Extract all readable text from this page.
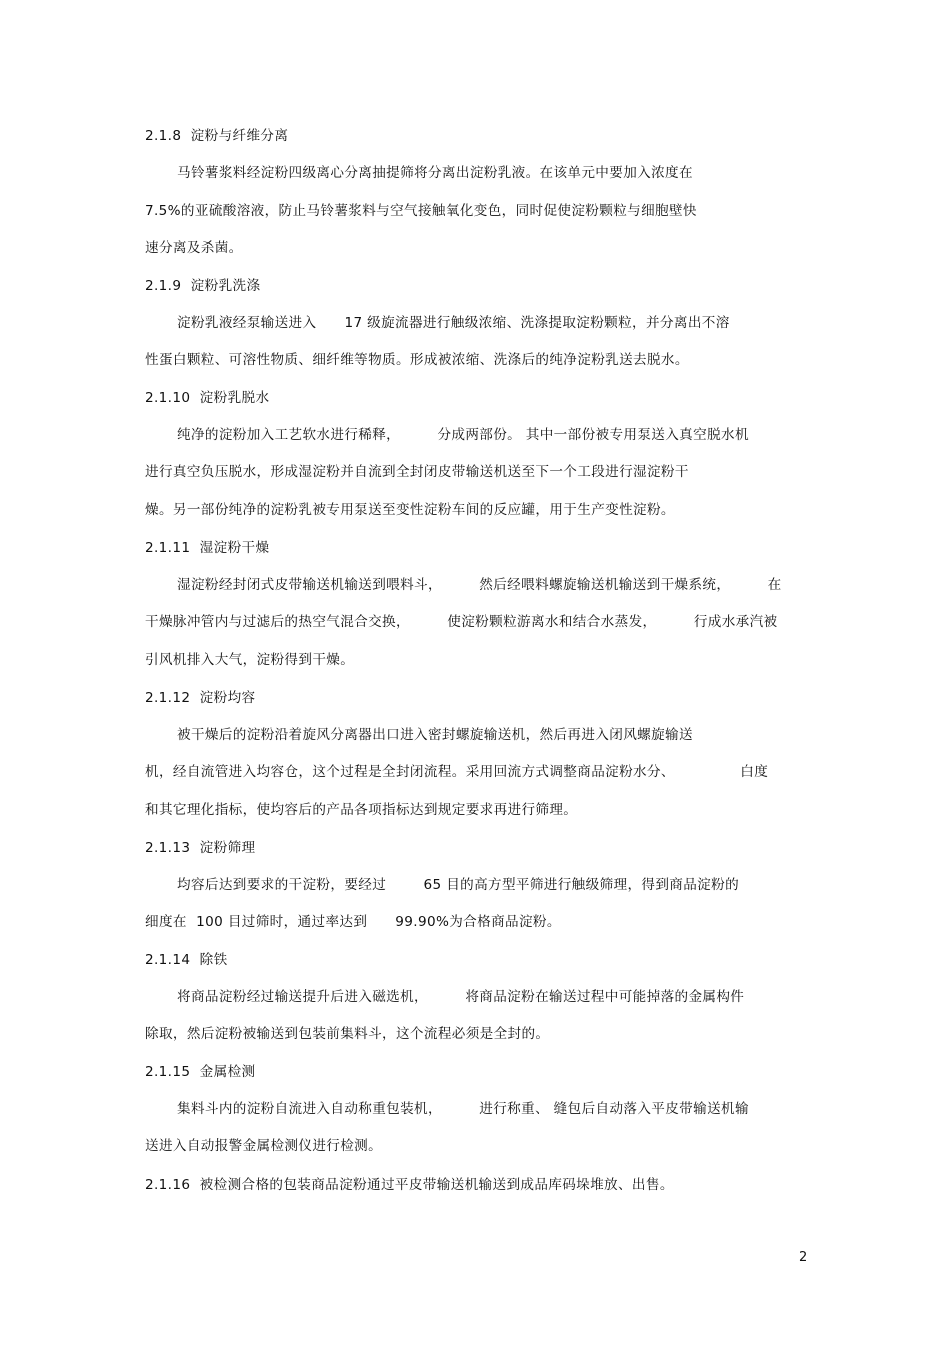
2.1.8  淀粉与纤维分离
马铃薯浆料经淀粉四级离心分离抽提筛将分离出淀粉乳液。在该单元中要加入浓度在
7.5%的亚硫酸溶液，防止马铃薯浆料与空气接触氧化变色，同时促使淀粉颗粒与细胞壁快
速分离及杀菌。
2.1.9  淀粉乳洗涤
淀粉乳液经泵输送进入      17 级旋流器进行触级浓缩、洗涤提取淀粉颗粒，并分离出不溶
性蛋白颗粒、可溶性物质、细纤维等物质。形成被浓缩、洗涤后的纯净淀粉乳送去脱水。
2.1.10  淀粉乳脱水
纯净的淀粉加入工艺软水进行稀释，        分成两部份。 其中一部份被专用泵送入真空脱水机
进行真空负压脱水，形成湿淀粉并自流到全封闭皮带输送机送至下一个工段进行湿淀粉干
燥。另一部份纯净的淀粉乳被专用泵送至变性淀粉车间的反应罐，用于生产变性淀粉。
2.1.11  湿淀粉干燥
湿淀粉经封闭式皮带输送机输送到喂料斗，        然后经喂料螺旋输送机输送到干燥系统，        在
干燥脉冲管内与过滤后的热空气混合交换，        使淀粉颗粒游离水和结合水蒸发，        行成水承汽被
引风机排入大气，淀粉得到干燥。
2.1.12  淀粉均容
被干燥后的淀粉沿着旋风分离器出口进入密封螺旋输送机，然后再进入闭风螺旋输送
机，经自流管进入均容仓，这个过程是全封闭流程。采用回流方式调整商品淀粉水分、              白度
和其它理化指标，使均容后的产品各项指标达到规定要求再进行筛理。
2.1.13  淀粉筛理
均容后达到要求的干淀粉，要经过        65 目的高方型平筛进行触级筛理，得到商品淀粉的
细度在  100 目过筛时，通过率达到      99.90%为合格商品淀粉。
2.1.14  除铁
将商品淀粉经过输送提升后进入磁选机，        将商品淀粉在输送过程中可能掉落的金属构件
除取，然后淀粉被输送到包装前集料斗，这个流程必须是全封的。
2.1.15  金属检测
集料斗内的淀粉自流进入自动称重包装机，        进行称重、 缝包后自动落入平皮带输送机输
送进入自动报警金属检测仪进行检测。
2.1.16  被检测合格的包装商品淀粉通过平皮带输送机输送到成品库码垛堆放、出售。
2
